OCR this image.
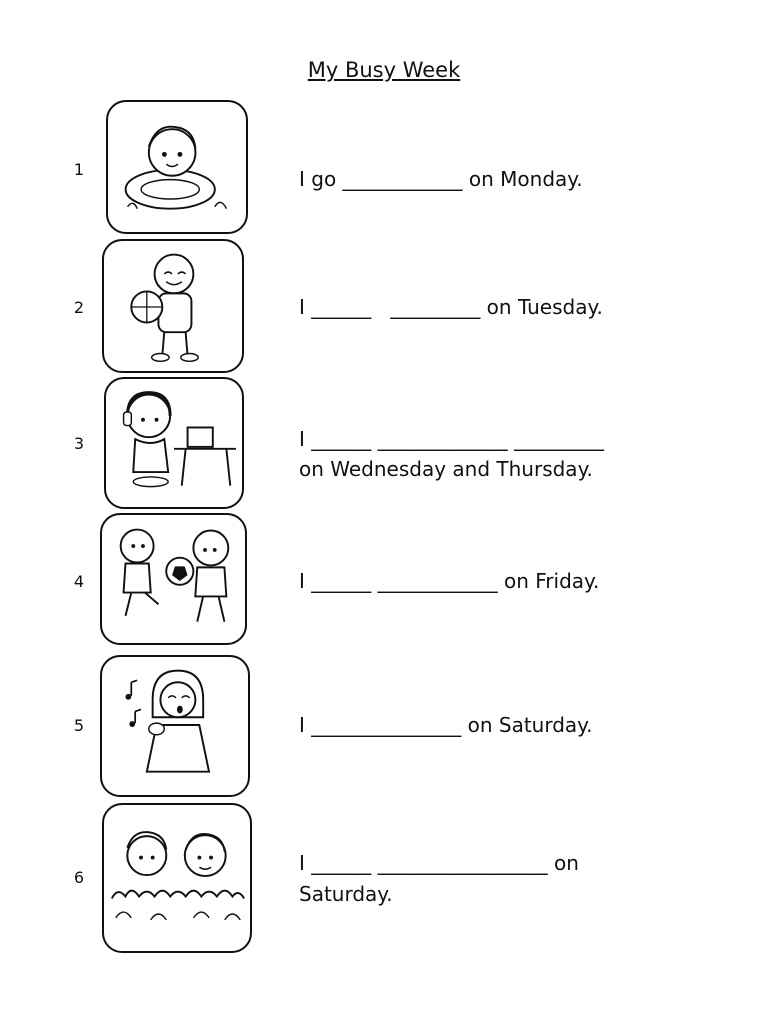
My Busy Week
1	I go ____________ on Monday.
2	I ______   _________ on Tuesday.
3	I ______ _____________ _________
on Wednesday and Thursday.
4	I ______ ____________ on Friday.
5	I _______________ on Saturday.
6
I ______ _________________ on
Saturday.
